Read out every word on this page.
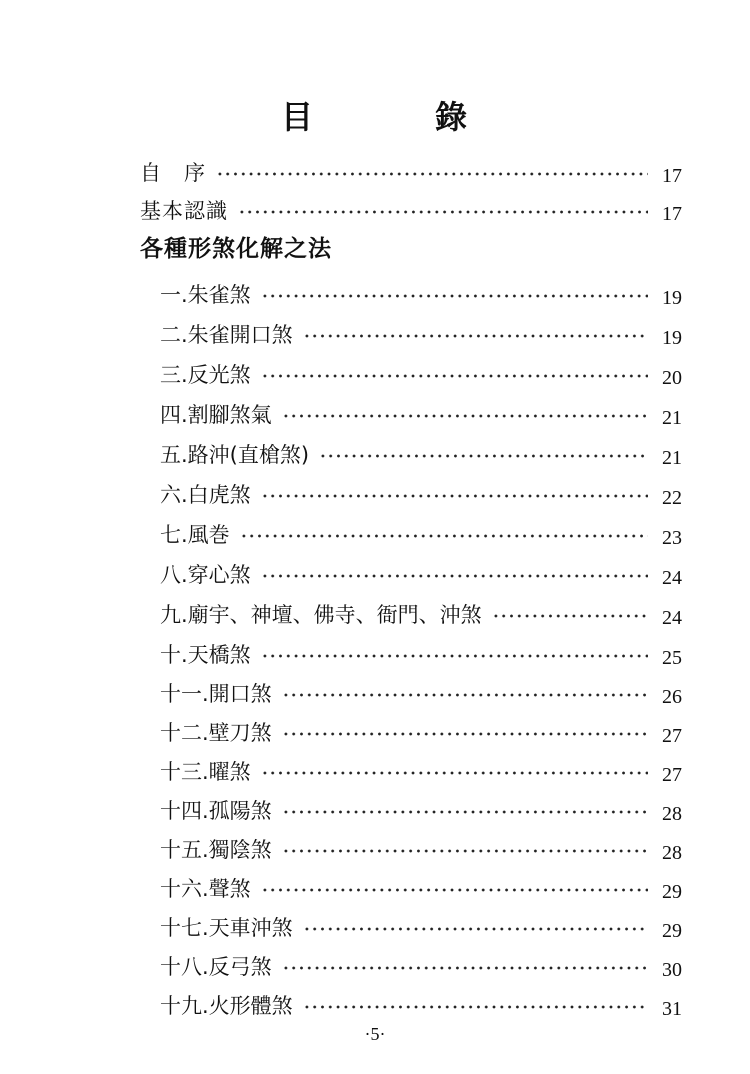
目	錄
自　序	17
基本認識	17
各種形煞化解之法
一.朱雀煞	19
二.朱雀開口煞	19
三.反光煞	20
四.割腳煞氣	21
五.路沖(直槍煞)	21
六.白虎煞	22
七.風巻	23
八.穿心煞	24
九.廟宇、神壇、佛寺、衙門、沖煞	24
十.天橋煞	25
十一.開口煞	26
十二.壁刀煞	27
十三.曜煞	27
十四.孤陽煞	28
十五.獨陰煞	28
十六.聲煞	29
十七.天車沖煞	29
十八.反弓煞	30
十九.火形體煞	31
·5·
